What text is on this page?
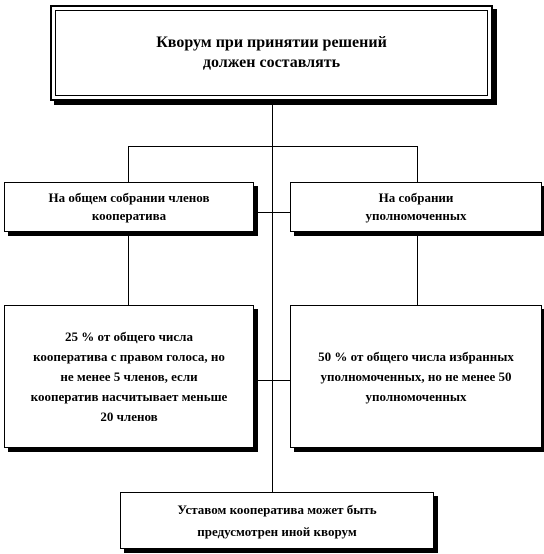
Кворум при принятии решений
должен составлять
На общем собрании членов
кооператива
На собрании
уполномоченных
25 % от общего числа
кооператива с правом голоса, но
не менее 5 членов, если
кооператив насчитывает меньше
20 членов
50 % от общего числа избранных
уполномоченных, но не менее 50
уполномоченных
Уставом кооператива может быть
предусмотрен иной кворум
